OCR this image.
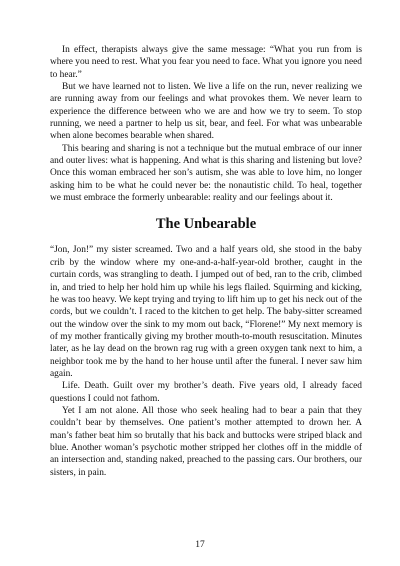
In effect, therapists always give the same message: “What you run from is where you need to rest. What you fear you need to face. What you ignore you need to hear.”

But we have learned not to listen. We live a life on the run, never realizing we are running away from our feelings and what provokes them. We never learn to experience the difference between who we are and how we try to seem. To stop running, we need a partner to help us sit, bear, and feel. For what was unbearable when alone becomes bearable when shared.

This bearing and sharing is not a technique but the mutual embrace of our inner and outer lives: what is happening. And what is this sharing and listening but love? Once this woman embraced her son’s autism, she was able to love him, no longer asking him to be what he could never be: the nonautistic child. To heal, together we must embrace the formerly unbearable: reality and our feelings about it.

The Unbearable

“Jon, Jon!” my sister screamed. Two and a half years old, she stood in the baby crib by the window where my one-and-a-half-year-old brother, caught in the curtain cords, was strangling to death. I jumped out of bed, ran to the crib, climbed in, and tried to help her hold him up while his legs flailed. Squirming and kicking, he was too heavy. We kept trying and trying to lift him up to get his neck out of the cords, but we couldn’t. I raced to the kitchen to get help. The baby-sitter screamed out the window over the sink to my mom out back, “Florene!” My next memory is of my mother frantically giving my brother mouth-to-mouth resuscitation. Minutes later, as he lay dead on the brown rag rug with a green oxygen tank next to him, a neighbor took me by the hand to her house until after the funeral. I never saw him again.

Life. Death. Guilt over my brother’s death. Five years old, I already faced questions I could not fathom.

Yet I am not alone. All those who seek healing had to bear a pain that they couldn’t bear by themselves. One patient’s mother attempted to drown her. A man’s father beat him so brutally that his back and buttocks were striped black and blue. Another woman’s psychotic mother stripped her clothes off in the middle of an intersection and, standing naked, preached to the passing cars. Our brothers, our sisters, in pain.

17
